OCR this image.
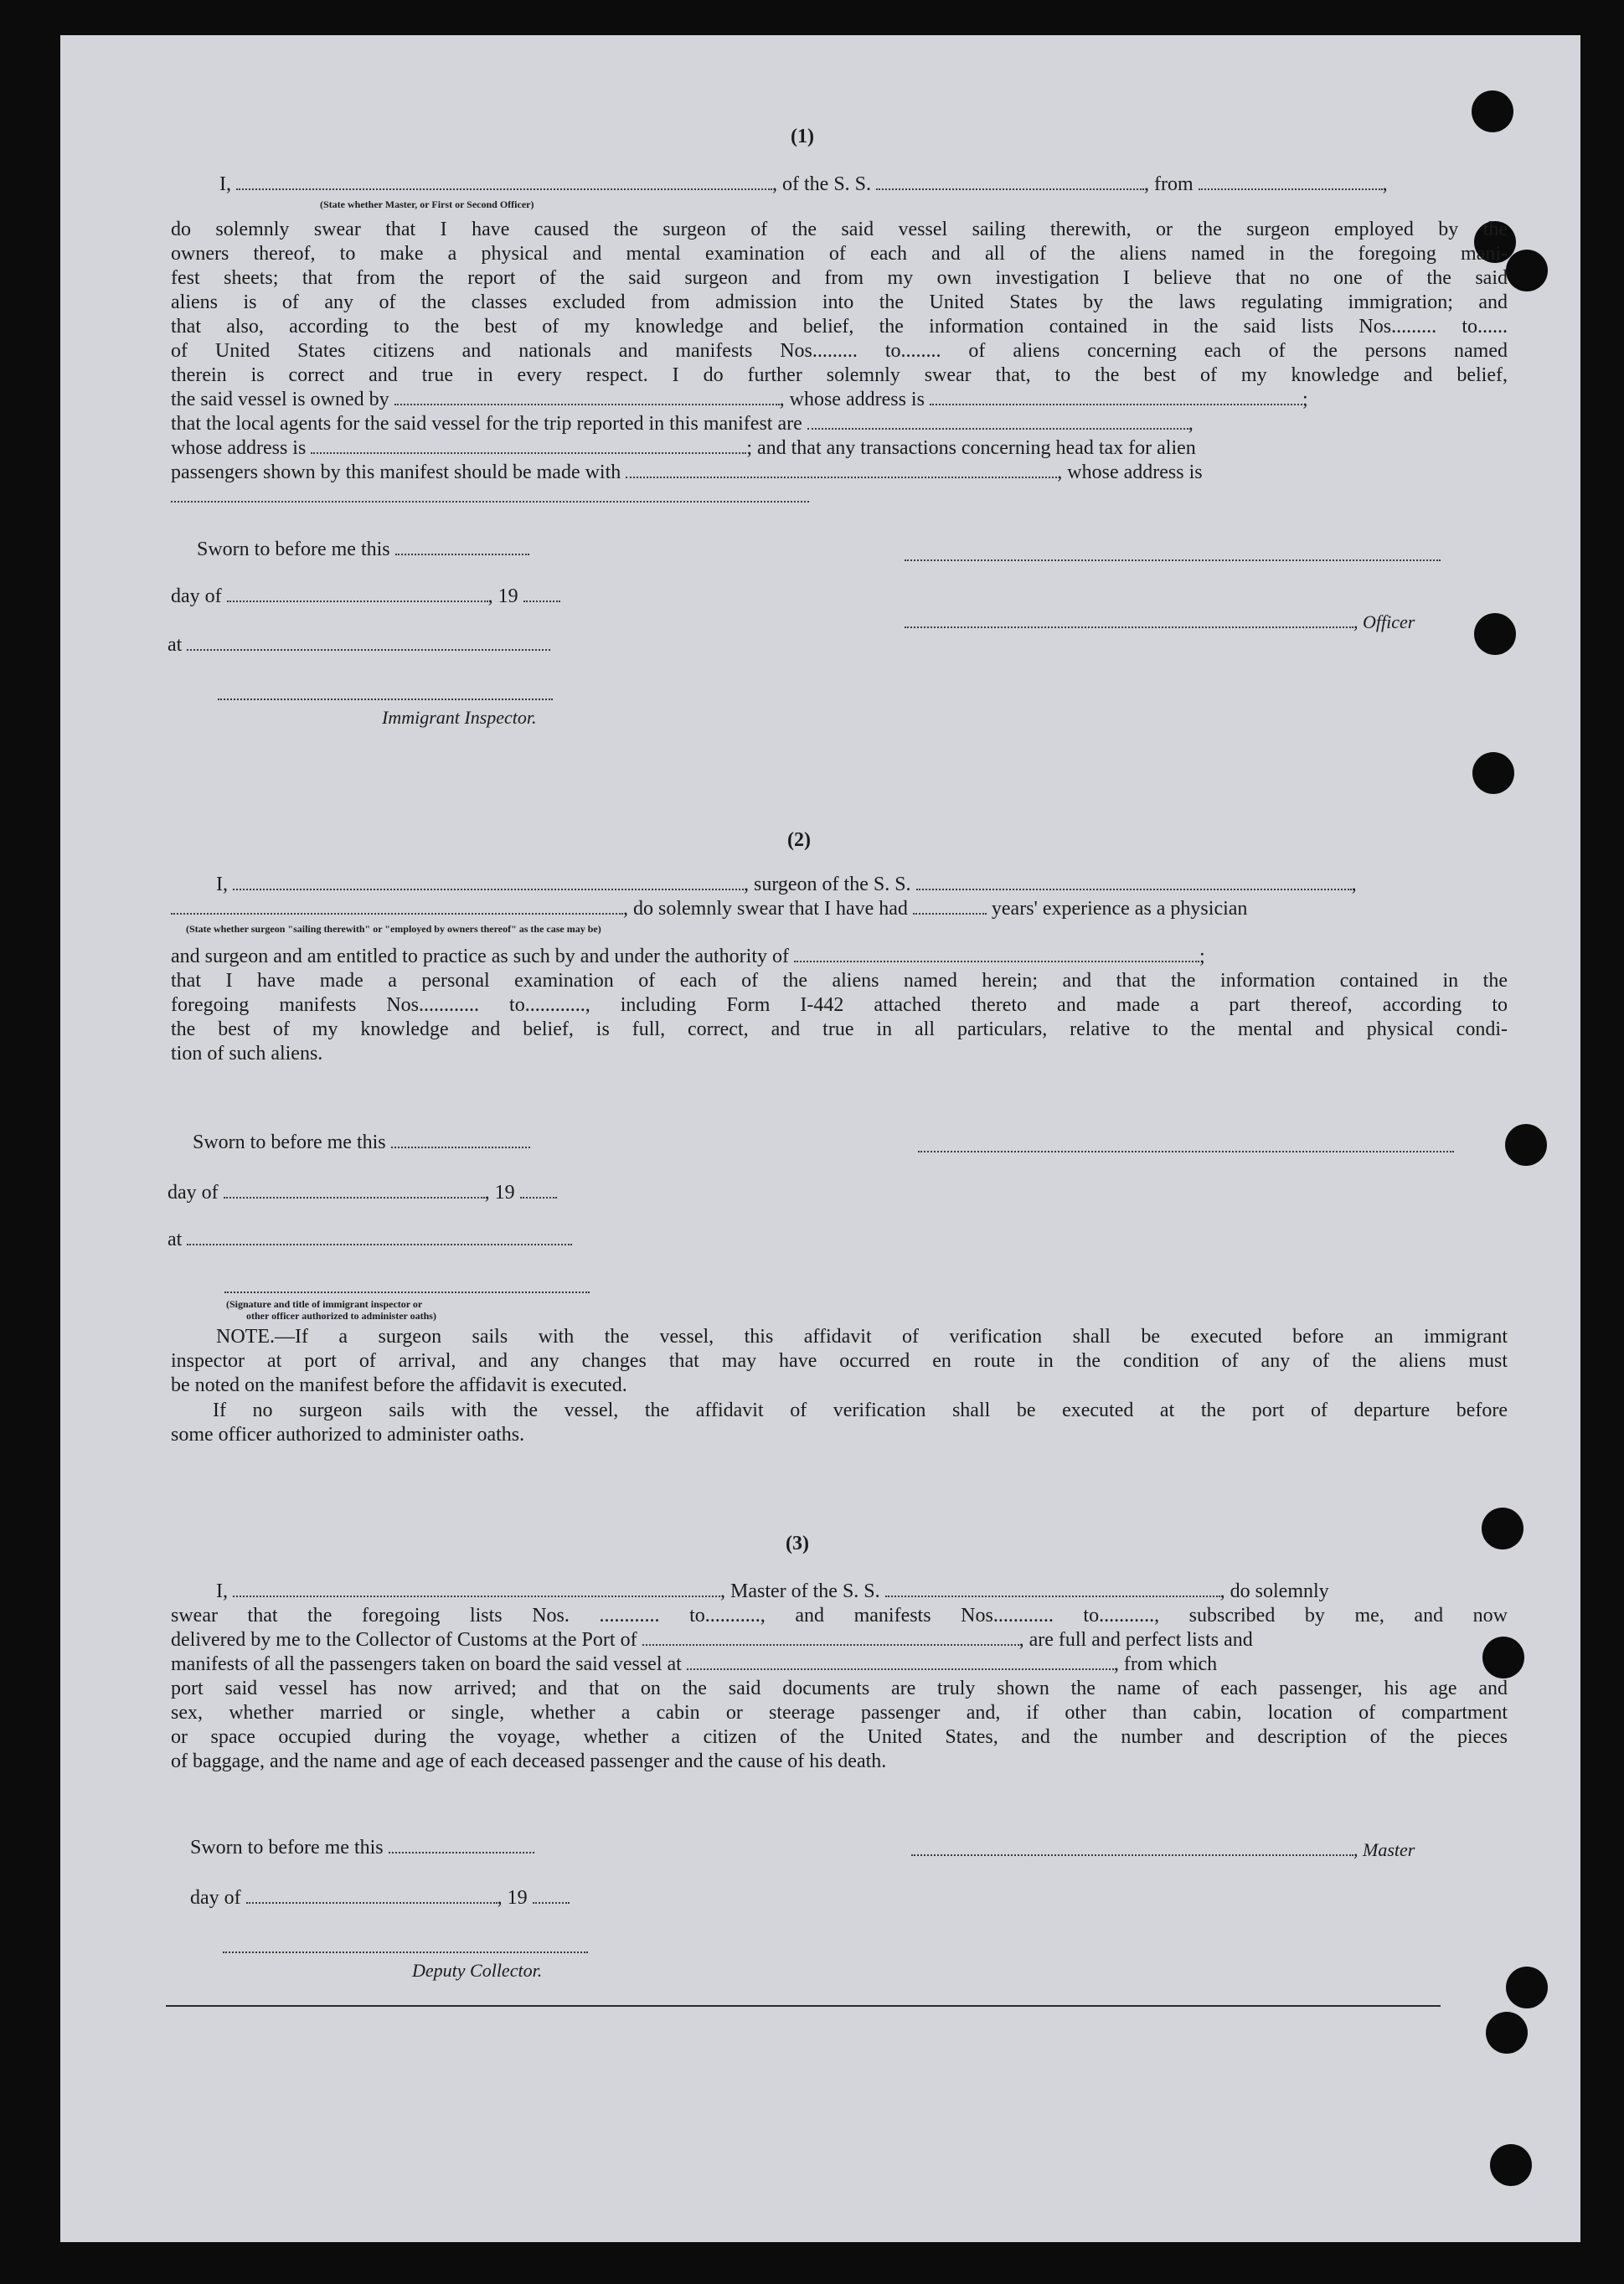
(1)
I,	, of the S. S.	, from	,
(State whether Master, or First or Second Officer)
do solemnly swear that I have caused the surgeon of the said vessel sailing therewith, or the surgeon employed by the
owners thereof, to make a physical and mental examination of each and all of the aliens named in the foregoing mani-
fest sheets; that from the report of the said surgeon and from my own investigation I believe that no one of the said
aliens is of any of the classes excluded from admission into the United States by the laws regulating immigration; and
that also, according to the best of my knowledge and belief, the information contained in the said lists Nos......... to......
of United States citizens and nationals and manifests Nos......... to........ of aliens concerning each of the persons named
therein is correct and true in every respect. I do further solemnly swear that, to the best of my knowledge and belief,
the said vessel is owned by	, whose address is	;
that the local agents for the said vessel for the trip reported in this manifest are	,
whose address is	; and that any transactions concerning head tax for alien
passengers shown by this manifest should be made with	, whose address is
Sworn to before me this
day of	, 19
at
Immigrant Inspector.
, Officer
(2)
I,	, surgeon of the S. S.	,
, do solemnly swear that I have had	years' experience as a physician
(State whether surgeon "sailing therewith" or "employed by owners thereof" as the case may be)
and surgeon and am entitled to practice as such by and under the authority of	;
that I have made a personal examination of each of the aliens named herein; and that the information contained in the
foregoing manifests Nos............ to............, including Form I-442 attached thereto and made a part thereof, according to
the best of my knowledge and belief, is full, correct, and true in all particulars, relative to the mental and physical condi-
tion of such aliens.
Sworn to before me this
day of	, 19
at
(Signature and title of immigrant inspector or
other officer authorized to administer oaths)
NOTE.—If a surgeon sails with the vessel, this affidavit of verification shall be executed before an immigrant
inspector at port of arrival, and any changes that may have occurred en route in the condition of any of the aliens must
be noted on the manifest before the affidavit is executed.
If no surgeon sails with the vessel, the affidavit of verification shall be executed at the port of departure before
some officer authorized to administer oaths.
(3)
I,	, Master of the S. S.	, do solemnly
swear that the foregoing lists Nos. ............ to..........., and manifests Nos............ to..........., subscribed by me, and now
delivered by me to the Collector of Customs at the Port of	, are full and perfect lists and
manifests of all the passengers taken on board the said vessel at	, from which
port said vessel has now arrived; and that on the said documents are truly shown the name of each passenger, his age and
sex, whether married or single, whether a cabin or steerage passenger and, if other than cabin, location of compartment
or space occupied during the voyage, whether a citizen of the United States, and the number and description of the pieces
of baggage, and the name and age of each deceased passenger and the cause of his death.
Sworn to before me this	, Master
day of	, 19
Deputy Collector.
